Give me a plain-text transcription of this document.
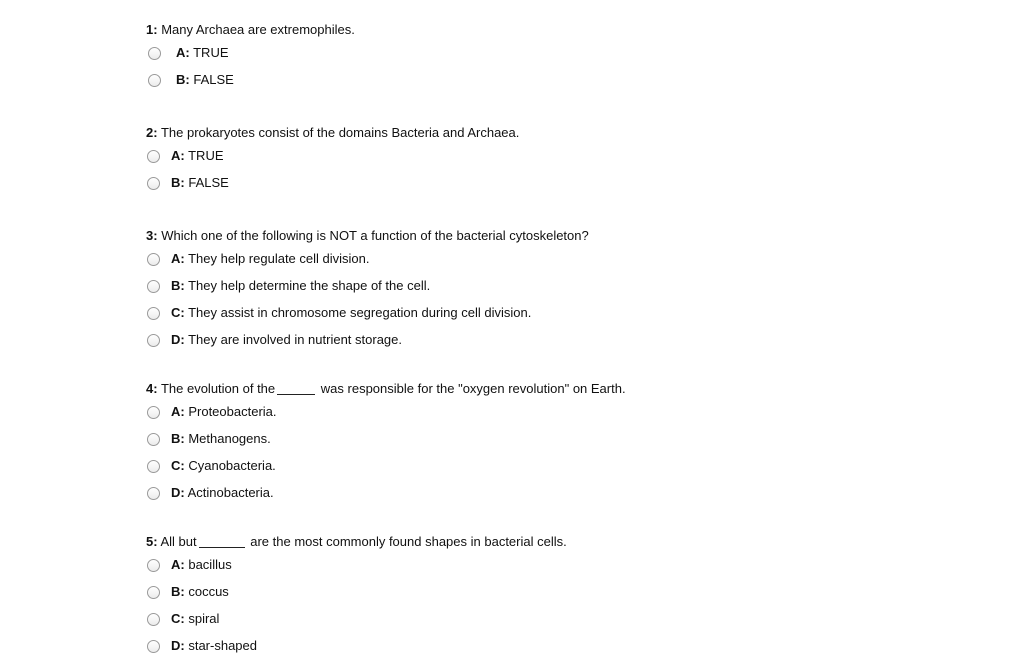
1: Many Archaea are extremophiles.
A: TRUE
B: FALSE
2: The prokaryotes consist of the domains Bacteria and Archaea.
A: TRUE
B: FALSE
3: Which one of the following is NOT a function of the bacterial cytoskeleton?
A: They help regulate cell division.
B: They help determine the shape of the cell.
C: They assist in chromosome segregation during cell division.
D: They are involved in nutrient storage.
4: The evolution of the	was responsible for the "oxygen revolution" on Earth.
A: Proteobacteria.
B: Methanogens.
C: Cyanobacteria.
D: Actinobacteria.
5: All but	are the most commonly found shapes in bacterial cells.
A: bacillus
B: coccus
C: spiral
D: star-shaped
